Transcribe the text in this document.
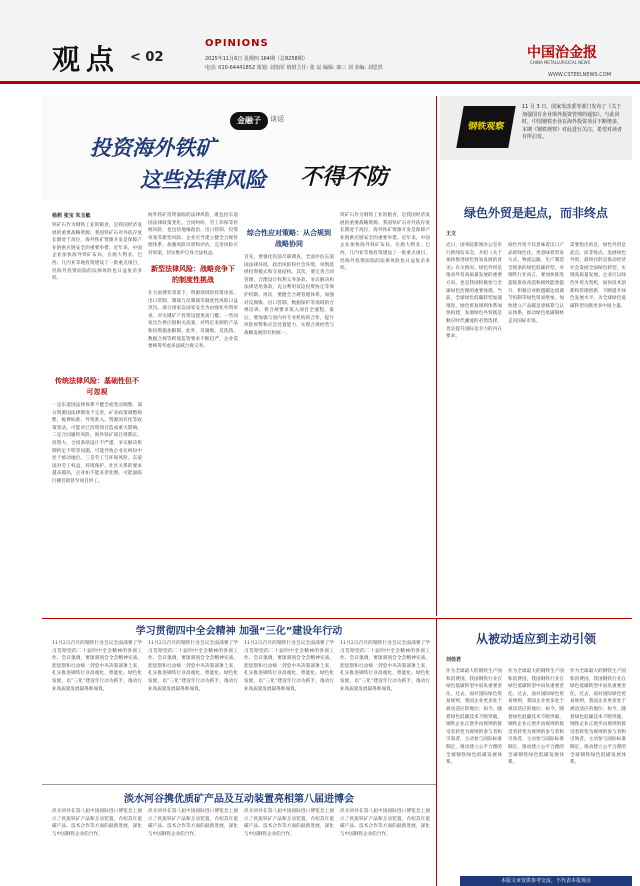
观点 < 02
OPINIONS
2025年11月6日 星期四 164期（总8258期）
电话: 010-64441852 策划: 刘加军 值班主任: 张 辰 编辑: 康三 刘 美编: 刘思然
中国治金报
CHINA METALLURGICAL NEWS
WWW.CSTEELNEWS.COM
金融子	谈话
投资海外铁矿
这些法律风险 不得不防
钢铁观察
11 月 3 日，国家发改委等部门发布了《关于加强国有企业境外投资管理的通知》。与此同时，中国钢铁企业在海外投资项目不断增多，本期《钢铁观察》对此进行关注，希望对读者有所启发。
杨莉 张宝 朱玉敏
铁矿石作为钢铁工业的粮食，是我国经济发展的重要战略资源。我国铁矿石对外依存度长期处于高位，海外铁矿资源开发是保障产业链供应链安全的重要举措。近年来，中国企业加快海外铁矿布局，在澳大利亚、巴西、几内亚等地投资建设了一批重点项目，但海外投资面临的法律风险也日益复杂多样。
传统法律风险：基础性但不可忽视
一是东道国法律体系不健全或变动频繁。部分资源国法律制度不完善，矿业政策调整频繁，税费标准、外资准入、资源国有化等政策变动，可能对已投资项目造成重大影响。二是合同履约风险。海外铁矿项目周期长、投资大，合同条款设计不严谨、争议解决机制约定不明等问题，可能导致企业在纠纷中处于被动地位。三是劳工与环保风险。东道国对劳工权益、环境保护、社区关系的要求越来越高，企业如不能妥善处理，可能面临巨额罚款甚至项目停工。
海外铁矿投资面临的法律风险，既包括东道国法律政策变化、合同纠纷、劳工环保等传统风险，也包括地缘政治、出口管制、投资审查等新型风险。企业应当建立健全合规管理体系，加强风险识别和评估，完善风险应对预案，切实维护自身合法权益。
新型法律风险：战略竞争下的制度性挑战
在大国博弈背景下，资源领域的投资审查、出口管制、制裁与反制裁等制度性风险日益突出。部分国家以国家安全为由强化外资审查，对关键矿产投资设置更高门槛；一些国家出台供应链相关法案，对特定来源的产品和投资施加限制。此外，反腐败、反洗钱、数据合规等跨境监管要求不断趋严，企业需要统筹考虑多法域合规义务。
综合性应对策略：从合规到战略协同
首先，要强化投前尽职调查，全面评估东道国法律环境、政治风险和社会环境，审慎选择投资模式和交易结构。其次，要完善合同管理，合理设计权利义务条款、争议解决和法律适用条款，充分利用双边投资协定等保护机制。再次，要健全合规管理体系，加强对反腐败、出口管制、数据保护等领域的合规培训，将合规要求嵌入项目全流程。最后，要加强与国内外专业机构的合作，提升风险预警和应急处置能力，实现合规经营与战略发展的有机统一。
铁矿石作为钢铁工业的粮食，是我国经济发展的重要战略资源。我国铁矿石对外依存度长期处于高位，海外铁矿资源开发是保障产业链供应链安全的重要举措。近年来，中国企业加快海外铁矿布局，在澳大利亚、巴西、几内亚等地投资建设了一批重点项目，但海外投资面临的法律风险也日益复杂多样。
绿色外贸是起点，而非终点
王文
近日，国务院新闻办公室举行新闻发布会，介绍《关于加快推进绿色贸易发展的意见》有关情况。绿色外贸是推动外贸高质量发展的重要方向，也是我国积极参与全球绿色治理的重要体现。当前，全球绿色低碳转型加速推进，绿色贸易规则体系加快构建，发展绿色外贸既是顺应时代潮流的必然选择，也是提升国际竞争力的内在要求。
绿色外贸不仅意味着出口产品的绿色化，更意味着贸易方式、物流运输、生产制造全链条的绿色低碳转型。对钢铁行业而言，要加快推进超低排放改造和极致能效提升，积极应对欧盟碳边境调节机制等绿色贸易壁垒，加快建立产品碳足迹核算与认证体系，推动绿色低碳钢材走向国际市场。
需要指出的是，绿色外贸是起点，而非终点。发展绿色外贸，最终目的是推动经济社会发展全面绿色转型，实现高质量发展。企业应以绿色外贸为契机，加快技术创新和管理创新，不断提升绿色发展水平，为全球绿色低碳转型贡献更多中国力量。
学习贯彻四中全会精神 加强“三化”建设年行动
11月2日召开的钢铁行业会议全面部署了学习贯彻党的二十届四中全会精神的各项工作。会议强调，要深刻领会全会精神实质，把思想和行动统一到党中央决策部署上来，扎实推进钢铁行业高端化、智能化、绿色化发展，以“三化”建设年行动为抓手，推动行业高质量发展取得新成效。
11月2日召开的钢铁行业会议全面部署了学习贯彻党的二十届四中全会精神的各项工作。会议强调，要深刻领会全会精神实质，把思想和行动统一到党中央决策部署上来，扎实推进钢铁行业高端化、智能化、绿色化发展，以“三化”建设年行动为抓手，推动行业高质量发展取得新成效。
11月2日召开的钢铁行业会议全面部署了学习贯彻党的二十届四中全会精神的各项工作。会议强调，要深刻领会全会精神实质，把思想和行动统一到党中央决策部署上来，扎实推进钢铁行业高端化、智能化、绿色化发展，以“三化”建设年行动为抓手，推动行业高质量发展取得新成效。
11月2日召开的钢铁行业会议全面部署了学习贯彻党的二十届四中全会精神的各项工作。会议强调，要深刻领会全会精神实质，把思想和行动统一到党中央决策部署上来，扎实推进钢铁行业高端化、智能化、绿色化发展，以“三化”建设年行动为抓手，推动行业高质量发展取得新成效。
从被动适应到主动引领
刘佳君
作为全球最大的钢铁生产国和消费国，我国钢铁行业在绿色低碳转型中肩负重要责任。过去，面对国际绿色贸易规则，我国企业更多处于被动适应的地位；如今，随着绿色低碳技术不断突破，钢铁企业正逐步由规则的接受者转变为规则的参与者和引领者，主动参与国际标准制定，推动建立公平合理的全球钢铁绿色低碳发展体系。
作为全球最大的钢铁生产国和消费国，我国钢铁行业在绿色低碳转型中肩负重要责任。过去，面对国际绿色贸易规则，我国企业更多处于被动适应的地位；如今，随着绿色低碳技术不断突破，钢铁企业正逐步由规则的接受者转变为规则的参与者和引领者，主动参与国际标准制定，推动建立公平合理的全球钢铁绿色低碳发展体系。
作为全球最大的钢铁生产国和消费国，我国钢铁行业在绿色低碳转型中肩负重要责任。过去，面对国际绿色贸易规则，我国企业更多处于被动适应的地位；如今，随着绿色低碳技术不断突破，钢铁企业正逐步由规则的接受者转变为规则的参与者和引领者，主动参与国际标准制定，推动建立公平合理的全球钢铁绿色低碳发展体系。
淡水河谷携优质矿产品及互动装置亮相第八届进博会
淡水河谷在第八届中国国际进口博览会上展示了优质铁矿产品和互动装置，介绍其在低碳产品、技术合作等方面的最新进展，深化与中国钢铁企业的合作。
淡水河谷在第八届中国国际进口博览会上展示了优质铁矿产品和互动装置，介绍其在低碳产品、技术合作等方面的最新进展，深化与中国钢铁企业的合作。
淡水河谷在第八届中国国际进口博览会上展示了优质铁矿产品和互动装置，介绍其在低碳产品、技术合作等方面的最新进展，深化与中国钢铁企业的合作。
淡水河谷在第八届中国国际进口博览会上展示了优质铁矿产品和互动装置，介绍其在低碳产品、技术合作等方面的最新进展，深化与中国钢铁企业的合作。
本版文章仅供参考交流，不代表本报观点
